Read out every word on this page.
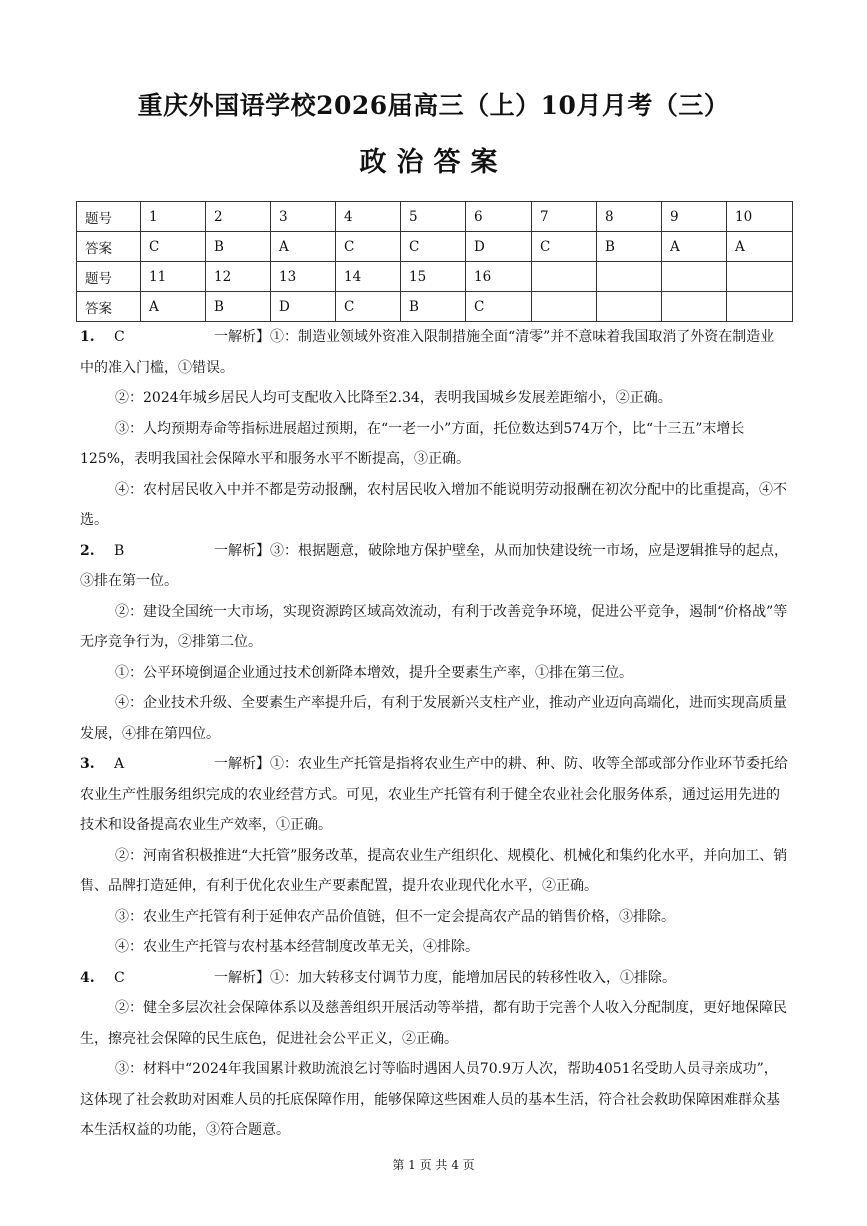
重庆外国语学校2026届高三（上）10月月考（三）
政治答案
题号	1	2	3	4	5	6	7	8	9	10
答案	C	B	A	C	C	D	C	B	A	A
题号	11	12	13	14	15	16				
答案	A	B	D	C	B	C				

1. C	一解析】①：制造业领域外资准入限制措施全面“清零”并不意味着我国取消了外资在制造业中的准入门槛，①错误。

②：2024年城乡居民人均可支配收入比降至2.34，表明我国城乡发展差距缩小，②正确。

③：人均预期寿命等指标进展超过预期，在“一老一小”方面，托位数达到574万个，比“十三五”末增长125%，表明我国社会保障水平和服务水平不断提高，③正确。

④：农村居民收入中并不都是劳动报酬，农村居民收入增加不能说明劳动报酬在初次分配中的比重提高，④不选。

2. B	一解析】③：根据题意，破除地方保护壁垒，从而加快建设统一市场，应是逻辑推导的起点，③排在第一位。

②：建设全国统一大市场，实现资源跨区域高效流动，有利于改善竞争环境，促进公平竞争，遏制“价格战”等无序竞争行为，②排第二位。

①：公平环境倒逼企业通过技术创新降本增效，提升全要素生产率，①排在第三位。

④：企业技术升级、全要素生产率提升后，有利于发展新兴支柱产业，推动产业迈向高端化，进而实现高质量发展，④排在第四位。

3. A	一解析】①：农业生产托管是指将农业生产中的耕、种、防、收等全部或部分作业环节委托给农业生产性服务组织完成的农业经营方式。可见，农业生产托管有利于健全农业社会化服务体系，通过运用先进的技术和设备提高农业生产效率，①正确。

②：河南省积极推进“大托管”服务改革，提高农业生产组织化、规模化、机械化和集约化水平，并向加工、销售、品牌打造延伸，有利于优化农业生产要素配置，提升农业现代化水平，②正确。

③：农业生产托管有利于延伸农产品价值链，但不一定会提高农产品的销售价格，③排除。

④：农业生产托管与农村基本经营制度改革无关，④排除。

4. C	一解析】①：加大转移支付调节力度，能增加居民的转移性收入，①排除。

②：健全多层次社会保障体系以及慈善组织开展活动等举措，都有助于完善个人收入分配制度，更好地保障民生，擦亮社会保障的民生底色，促进社会公平正义，②正确。

③：材料中“2024年我国累计救助流浪乞讨等临时遇困人员70.9万人次，帮助4051名受助人员寻亲成功”，这体现了社会救助对困难人员的托底保障作用，能够保障这些困难人员的基本生活，符合社会救助保障困难群众基本生活权益的功能，③符合题意。

第 1 页 共 4 页
